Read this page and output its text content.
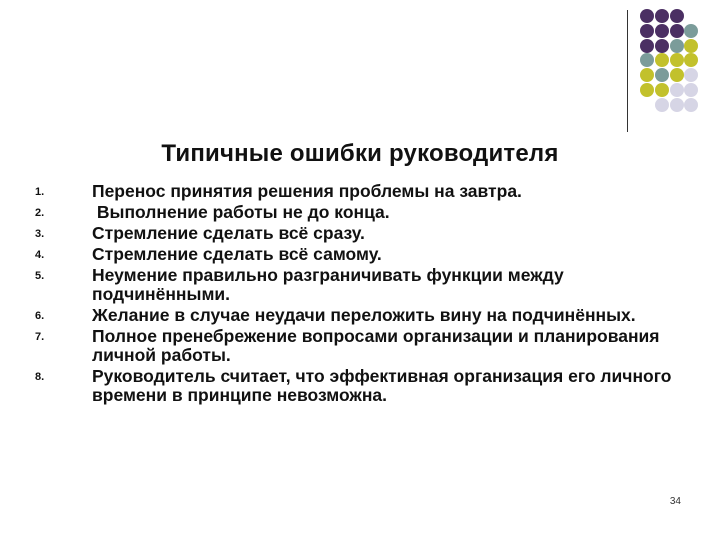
Типичные ошибки руководителя
1.	Перенос принятия решения проблемы на завтра.
2.	Выполнение работы не до конца.
3.	Стремление сделать всё сразу.
4.	Стремление сделать всё самому.
5.	Неумение правильно разграничивать функции между подчинёнными.
6.	Желание в случае неудачи переложить вину на подчинённых.
7.	Полное пренебрежение вопросами организации и планирования личной работы.
8.	Руководитель считает, что эффективная организация его личного времени в принципе невозможна.
34
